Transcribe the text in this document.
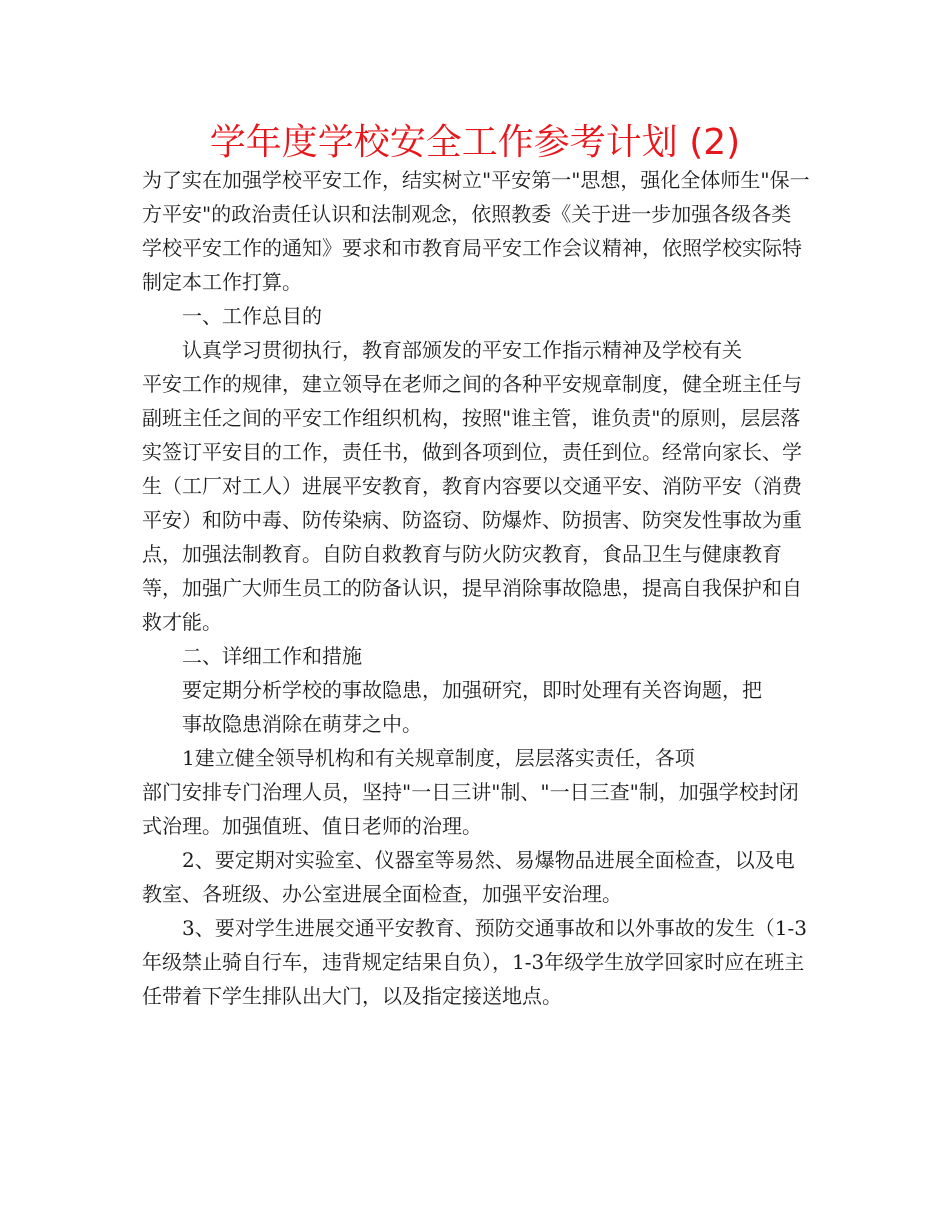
学年度学校安全工作参考计划 (2)

为了实在加强学校平安工作，结实树立"平安第一"思想，强化全体师生"保一方平安"的政治责任认识和法制观念，依照教委《关于进一步加强各级各类学校平安工作的通知》要求和市教育局平安工作会议精神，依照学校实际特制定本工作打算。

一、工作总目的

认真学习贯彻执行，教育部颁发的平安工作指示精神及学校有关

平安工作的规律，建立领导在老师之间的各种平安规章制度，健全班主任与副班主任之间的平安工作组织机构，按照"谁主管，谁负责"的原则，层层落实签订平安目的工作，责任书，做到各项到位，责任到位。经常向家长、学生（工厂对工人）进展平安教育，教育内容要以交通平安、消防平安（消费平安）和防中毒、防传染病、防盗窃、防爆炸、防损害、防突发性事故为重点，加强法制教育。自防自救教育与防火防灾教育，食品卫生与健康教育等，加强广大师生员工的防备认识，提早消除事故隐患，提高自我保护和自救才能。

二、详细工作和措施

要定期分析学校的事故隐患，加强研究，即时处理有关咨询题，把

事故隐患消除在萌芽之中。

1建立健全领导机构和有关规章制度，层层落实责任，各项

部门安排专门治理人员，坚持"一日三讲"制、"一日三查"制，加强学校封闭式治理。加强值班、值日老师的治理。

2、要定期对实验室、仪器室等易然、易爆物品进展全面检查，以及电教室、各班级、办公室进展全面检查，加强平安治理。

3、要对学生进展交通平安教育、预防交通事故和以外事故的发生（1-3年级禁止骑自行车，违背规定结果自负），1-3年级学生放学回家时应在班主任带着下学生排队出大门，以及指定接送地点。
